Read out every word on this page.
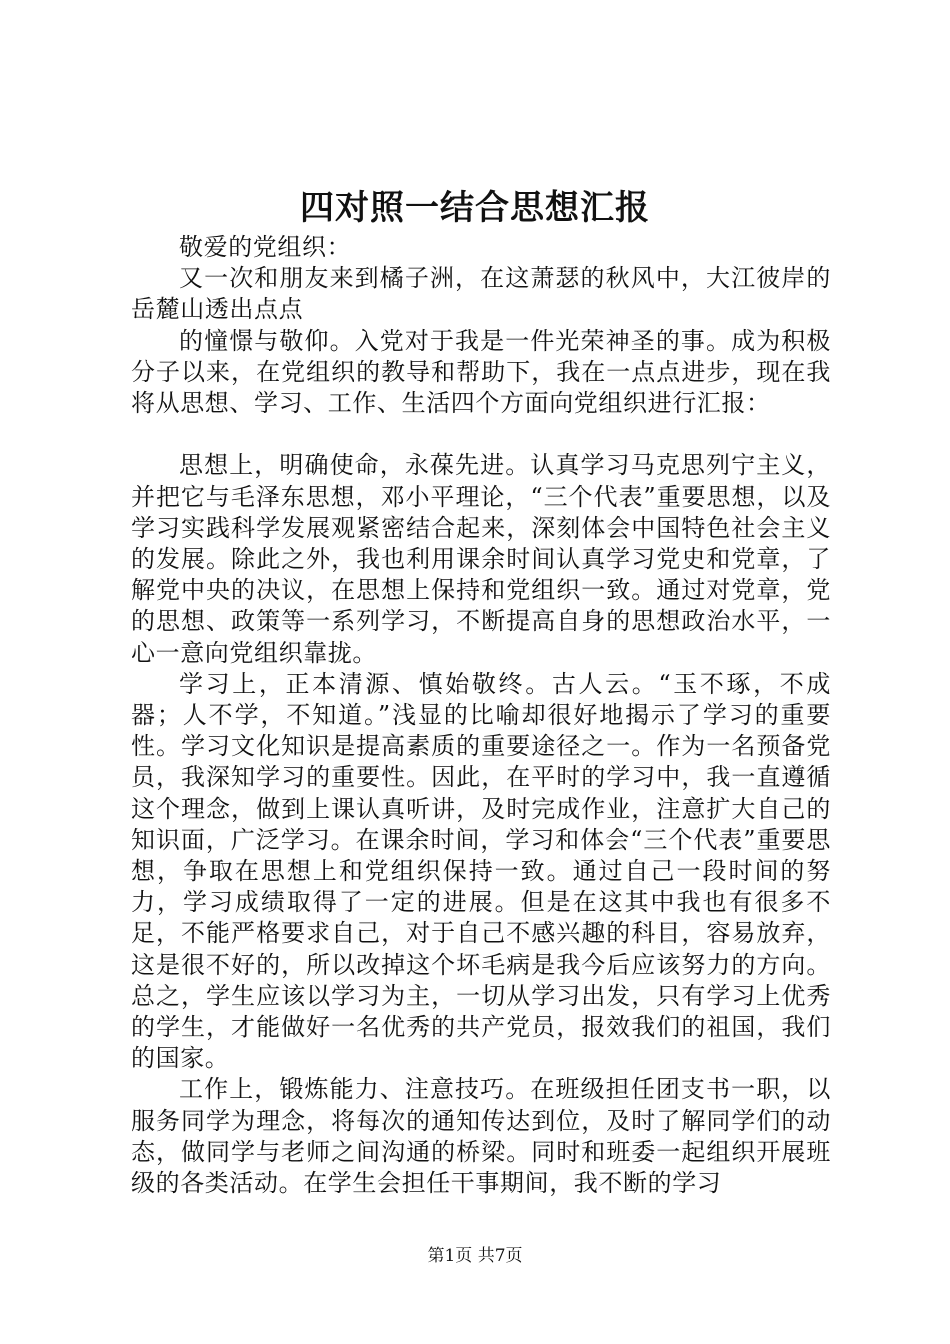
四对照一结合思想汇报

敬爱的党组织：

又一次和朋友来到橘子洲，在这萧瑟的秋风中，大江彼岸的岳麓山透出点点

的憧憬与敬仰。入党对于我是一件光荣神圣的事。成为积极分子以来，在党组织的教导和帮助下，我在一点点进步，现在我将从思想、学习、工作、生活四个方面向党组织进行汇报：

思想上，明确使命，永葆先进。认真学习马克思列宁主义，并把它与毛泽东思想，邓小平理论，“三个代表”重要思想，以及学习实践科学发展观紧密结合起来，深刻体会中国特色社会主义的发展。除此之外，我也利用课余时间认真学习党史和党章，了解党中央的决议，在思想上保持和党组织一致。通过对党章，党的思想、政策等一系列学习，不断提高自身的思想政治水平，一心一意向党组织靠拢。

学习上，正本清源、慎始敬终。古人云。“玉不琢，不成器；人不学，不知道。”浅显的比喻却很好地揭示了学习的重要性。学习文化知识是提高素质的重要途径之一。作为一名预备党员，我深知学习的重要性。因此，在平时的学习中，我一直遵循这个理念，做到上课认真听讲，及时完成作业，注意扩大自己的知识面，广泛学习。在课余时间，学习和体会“三个代表”重要思想，争取在思想上和党组织保持一致。通过自己一段时间的努力，学习成绩取得了一定的进展。但是在这其中我也有很多不足，不能严格要求自己，对于自己不感兴趣的科目，容易放弃，这是很不好的，所以改掉这个坏毛病是我今后应该努力的方向。总之，学生应该以学习为主，一切从学习出发，只有学习上优秀的学生，才能做好一名优秀的共产党员，报效我们的祖国，我们的国家。

工作上，锻炼能力、注意技巧。在班级担任团支书一职，以服务同学为理念，将每次的通知传达到位，及时了解同学们的动态，做同学与老师之间沟通的桥梁。同时和班委一起组织开展班级的各类活动。在学生会担任干事期间，我不断的学习

第1页 共7页
